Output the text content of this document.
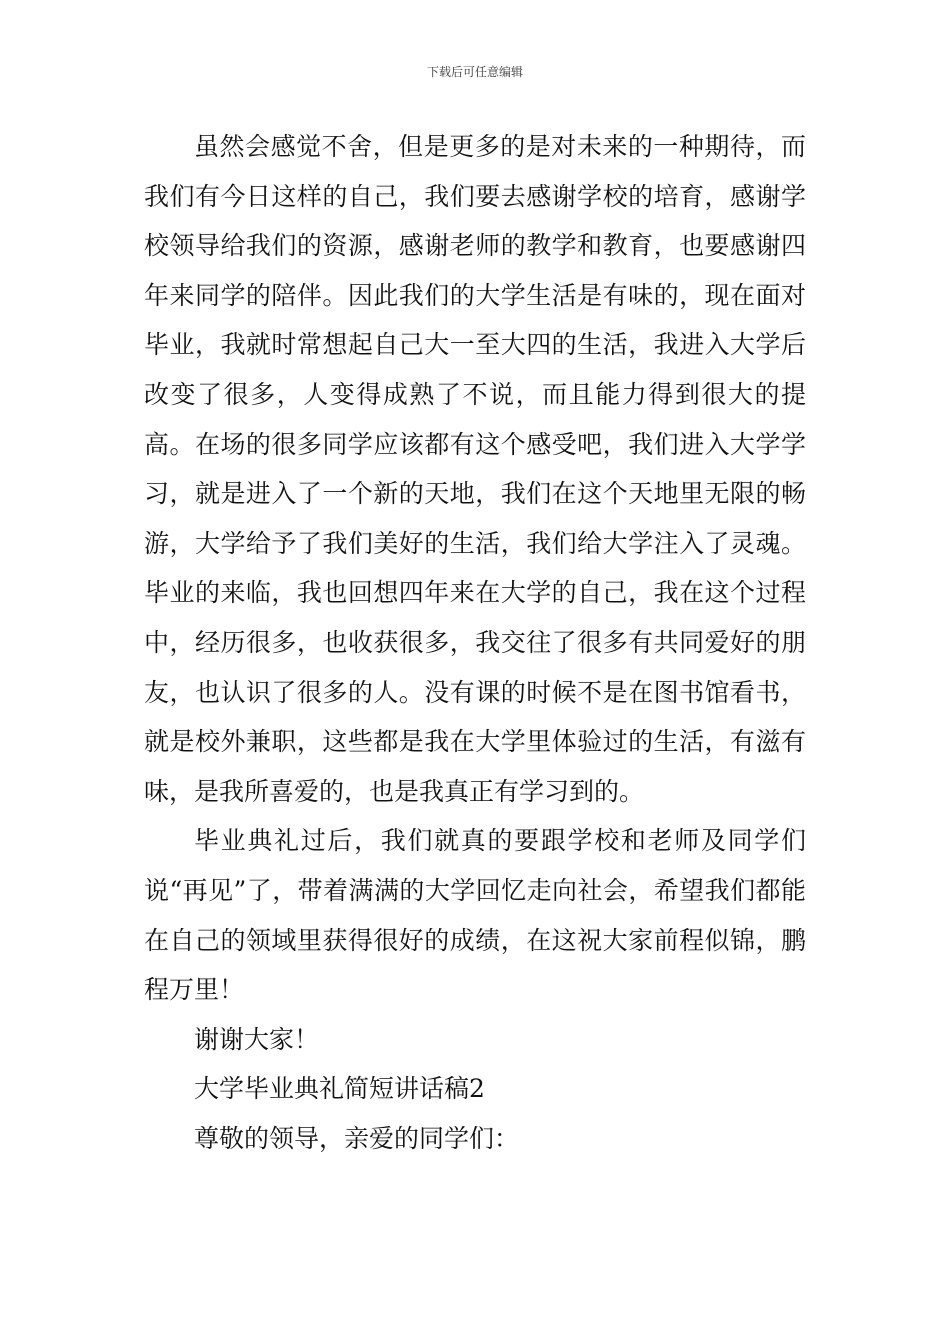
下载后可任意编辑

虽然会感觉不舍，但是更多的是对未来的一种期待，而我们有今日这样的自己，我们要去感谢学校的培育，感谢学校领导给我们的资源，感谢老师的教学和教育，也要感谢四年来同学的陪伴。因此我们的大学生活是有味的，现在面对毕业，我就时常想起自己大一至大四的生活，我进入大学后改变了很多，人变得成熟了不说，而且能力得到很大的提高。在场的很多同学应该都有这个感受吧，我们进入大学学习，就是进入了一个新的天地，我们在这个天地里无限的畅游，大学给予了我们美好的生活，我们给大学注入了灵魂。毕业的来临，我也回想四年来在大学的自己，我在这个过程中，经历很多，也收获很多，我交往了很多有共同爱好的朋友，也认识了很多的人。没有课的时候不是在图书馆看书，就是校外兼职，这些都是我在大学里体验过的生活，有滋有味，是我所喜爱的，也是我真正有学习到的。

毕业典礼过后，我们就真的要跟学校和老师及同学们说“再见”了，带着满满的大学回忆走向社会，希望我们都能在自己的领域里获得很好的成绩，在这祝大家前程似锦，鹏程万里！

谢谢大家！

大学毕业典礼简短讲话稿2

尊敬的领导，亲爱的同学们：
